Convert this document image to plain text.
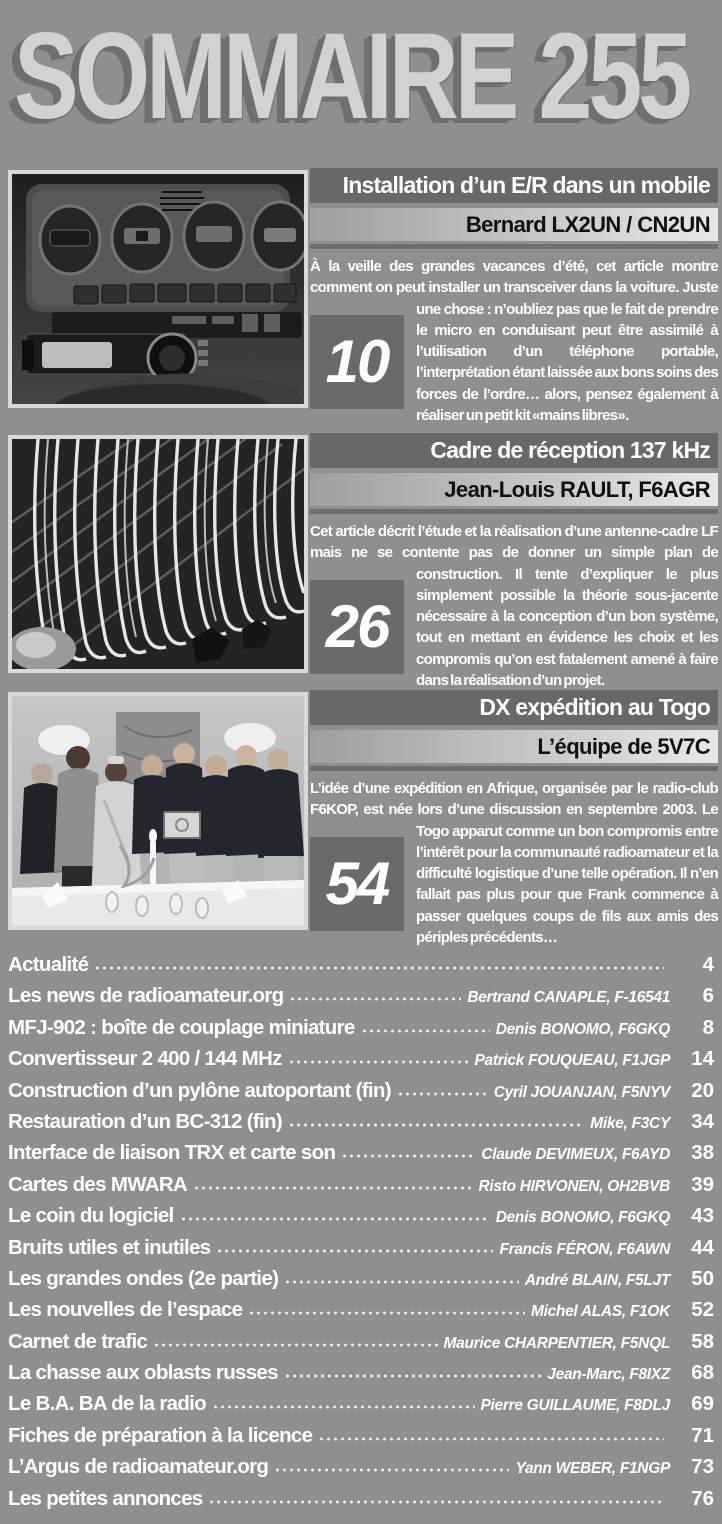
SOMMAIRE 255
Installation d’un E/R dans un mobile
Bernard LX2UN / CN2UN
10
À la veille des grandes vacances d’été, cet article montre comment on peut installer un transceiver dans la voiture. Juste une chose : n’oubliez pas que le fait de prendre le micro en conduisant peut être assimilé à l’utilisation d’un téléphone portable, l’interprétation étant laissée aux bons soins des forces de l’ordre… alors, pensez également à réaliser un petit kit «mains libres».
Cadre de réception 137 kHz
Jean-Louis RAULT, F6AGR
26
Cet article décrit l’étude et la réalisation d’une antenne-cadre LF mais ne se contente pas de donner un simple plan de construction. Il tente d’expliquer le plus simplement possible la théorie sous-jacente nécessaire à la conception d’un bon système, tout en mettant en évidence les choix et les compromis qu’on est fatalement amené à faire dans la réalisation d’un projet.
DX expédition au Togo
L’équipe de 5V7C
54
L’idée d’une expédition en Afrique, organisée par le radio-club F6KOP, est née lors d’une discussion en septembre 2003. Le Togo apparut comme un bon compromis entre l’intérêt pour la communauté radioamateur et la difficulté logistique d’une telle opération. Il n’en fallait pas plus pour que Frank commence à passer quelques coups de fils aux amis des périples précédents…
Actualité	4
Les news de radioamateur.org	Bertrand CANAPLE, F-16541	6
MFJ-902 : boîte de couplage miniature	Denis BONOMO, F6GKQ	8
Convertisseur 2 400 / 144 MHz	Patrick FOUQUEAU, F1JGP	14
Construction d’un pylône autoportant (fin)	Cyril JOUANJAN, F5NYV	20
Restauration d’un BC-312 (fin)	Mike, F3CY	34
Interface de liaison TRX et carte son	Claude DEVIMEUX, F6AYD	38
Cartes des MWARA	Risto HIRVONEN, OH2BVB	39
Le coin du logiciel	Denis BONOMO, F6GKQ	43
Bruits utiles et inutiles	Francis FÉRON, F6AWN	44
Les grandes ondes (2e partie)	André BLAIN, F5LJT	50
Les nouvelles de l’espace	Michel ALAS, F1OK	52
Carnet de trafic	Maurice CHARPENTIER, F5NQL	58
La chasse aux oblasts russes	Jean-Marc, F8IXZ	68
Le B.A. BA de la radio	Pierre GUILLAUME, F8DLJ	69
Fiches de préparation à la licence	71
L’Argus de radioamateur.org	Yann WEBER, F1NGP	73
Les petites annonces	76
